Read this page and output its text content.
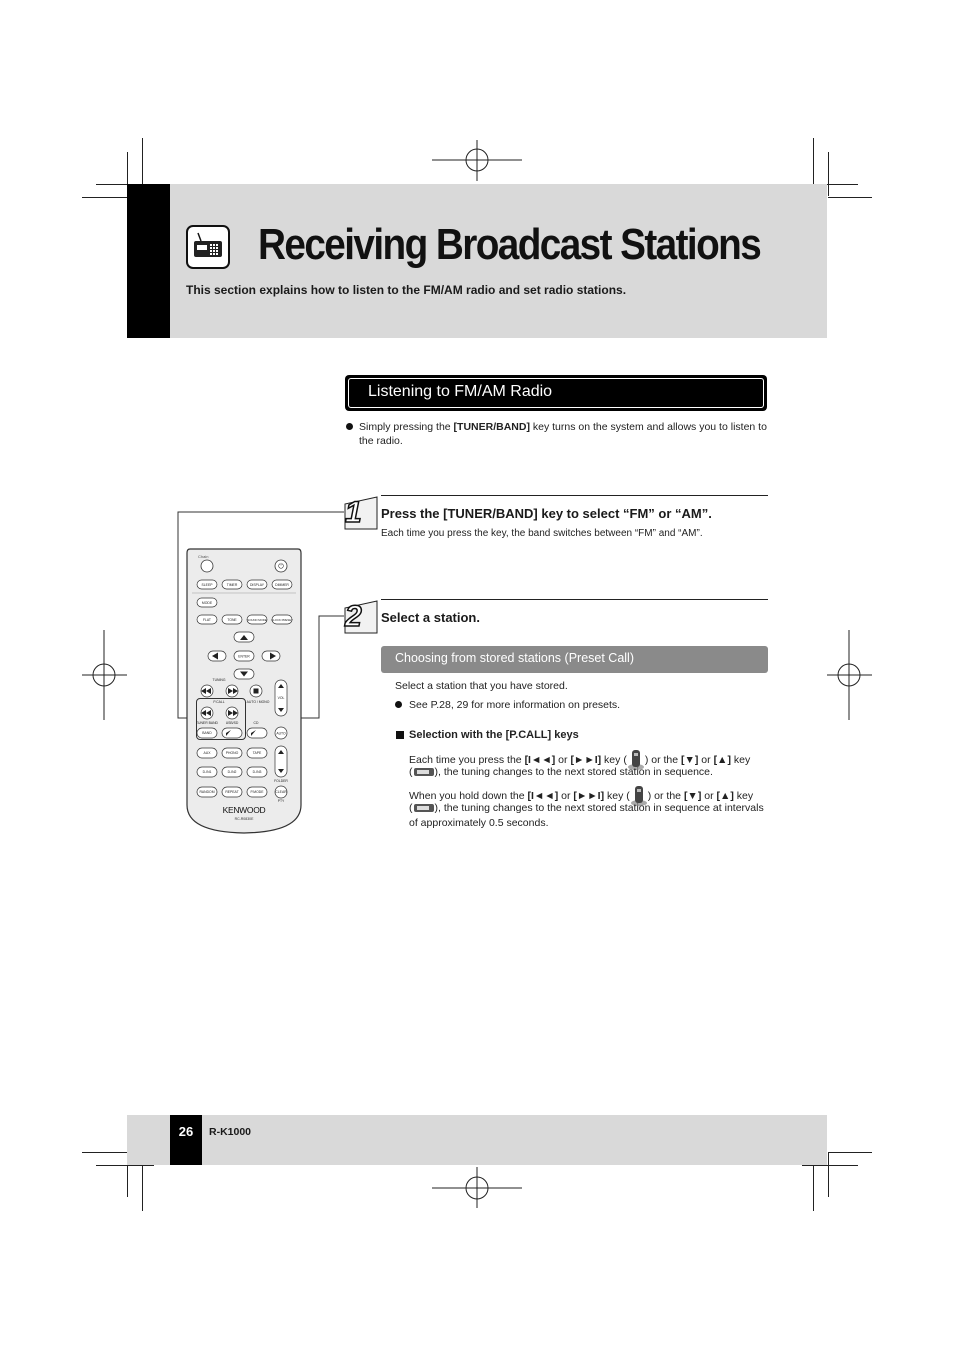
Receiving Broadcast Stations
This section explains how to listen to the FM/AM radio and set radio stations.
Listening to FM/AM Radio
Simply pressing the [TUNER/BAND] key turns on the system and allows you to listen to
the radio.
1 Press the [TUNER/BAND] key to select “FM” or “AM”.
Each time you press the key, the band switches between “FM” and “AM”.
2 Select a station.
Choosing from stored stations (Preset Call)
Select a station that you have stored.
See P.28, 29 for more information on presets.
Selection with the [P.CALL] keys
Each time you press the [I◄◄] or [►►I] key ( ) or the [▼] or [▲] key
( ), the tuning changes to the next stored station in sequence.
When you hold down the [I◄◄] or [►►I] key ( ) or the [▼] or [▲] key
( ), the tuning changes to the next stored station in sequence at intervals
of approximately 0.5 seconds.
Chain
⏻
SLEEP	TIMER	DISPLAY	DIMMER
MODE
FLAT	TONE	SOUND MODE CLOCK PRESET
ENTER
TUNING
P.CALL	AUTO / MONO
VOL
TUNER BAND USB/SD	CD
BAND	AUTO
AUX	PHONO	TAPE
D-IN1	D-IN2	D-IN3
FOLDER
RANDOM	REPEAT	P.MODE	CLEAR
PTY
KENWOOD
RC-R0830E
26	R-K1000
